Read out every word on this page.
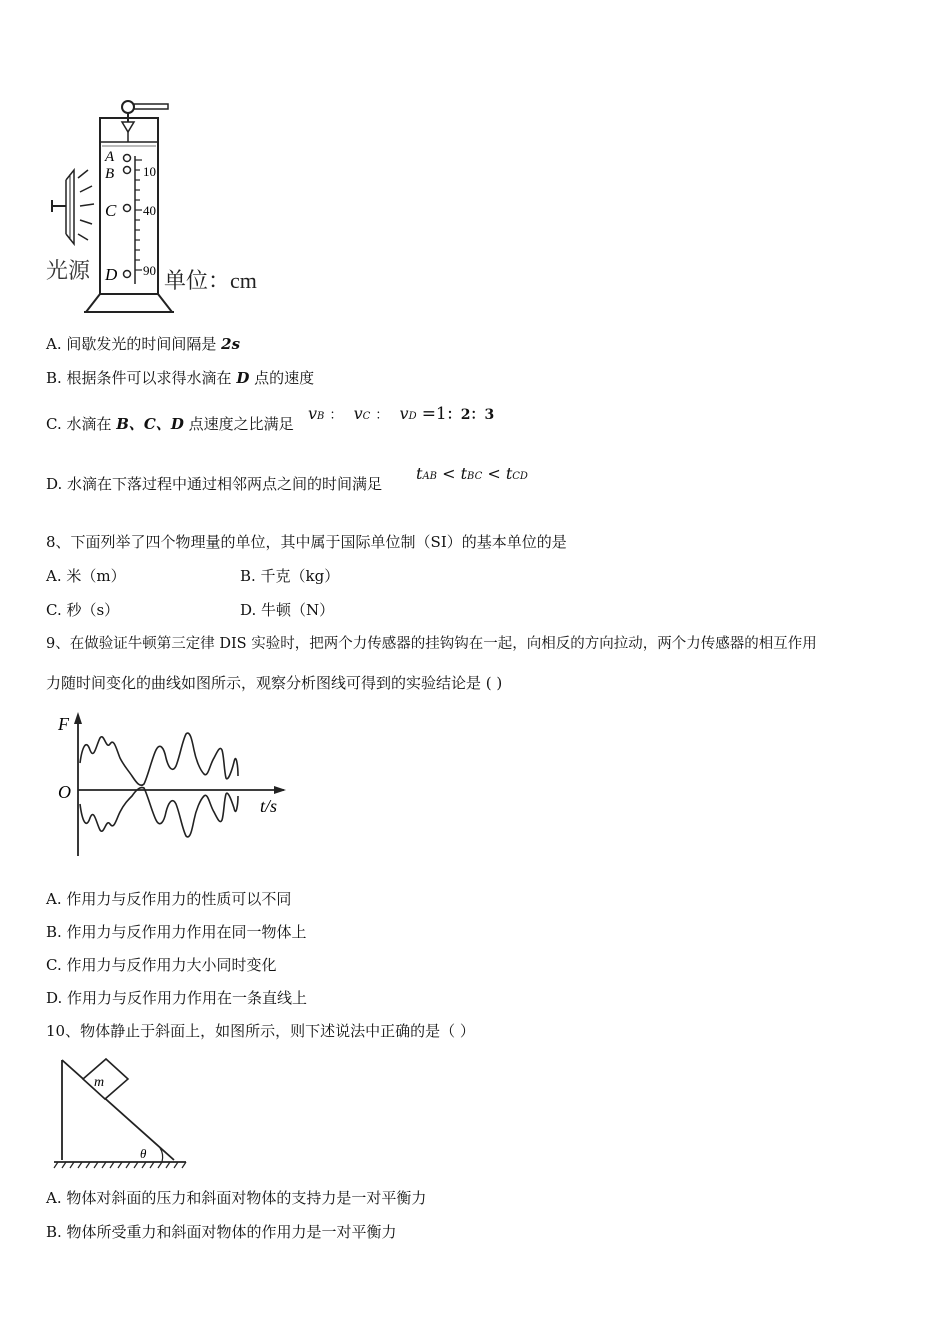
10
40
90
A
B
C
D
光源	单位：cm
A. 间歇发光的时间间隔是 2s
B. 根据条件可以求得水滴在 D 点的速度
C. 水滴在 B、C、D 点速度之比满足
vB ： vC ： vD =1：2：3
D. 水滴在下落过程中通过相邻两点之间的时间满足
tAB < tBC < tCD
8、下面列举了四个物理量的单位，其中属于国际单位制（SI）的基本单位的是
A. 米（m）	B. 千克（kg）
C. 秒（s）	D. 牛顿（N）
9、在做验证牛顿第三定律 DIS 实验时，把两个力传感器的挂钩钩在一起，向相反的方向拉动，两个力传感器的相互作用
力随时间变化的曲线如图所示，观察分析图线可得到的实验结论是 ( )
F
O
t/s
A. 作用力与反作用力的性质可以不同
B. 作用力与反作用力作用在同一物体上
C. 作用力与反作用力大小同时变化
D. 作用力与反作用力作用在一条直线上
10、物体静止于斜面上，如图所示，则下述说法中正确的是（ ）
m
θ
A. 物体对斜面的压力和斜面对物体的支持力是一对平衡力
B. 物体所受重力和斜面对物体的作用力是一对平衡力
